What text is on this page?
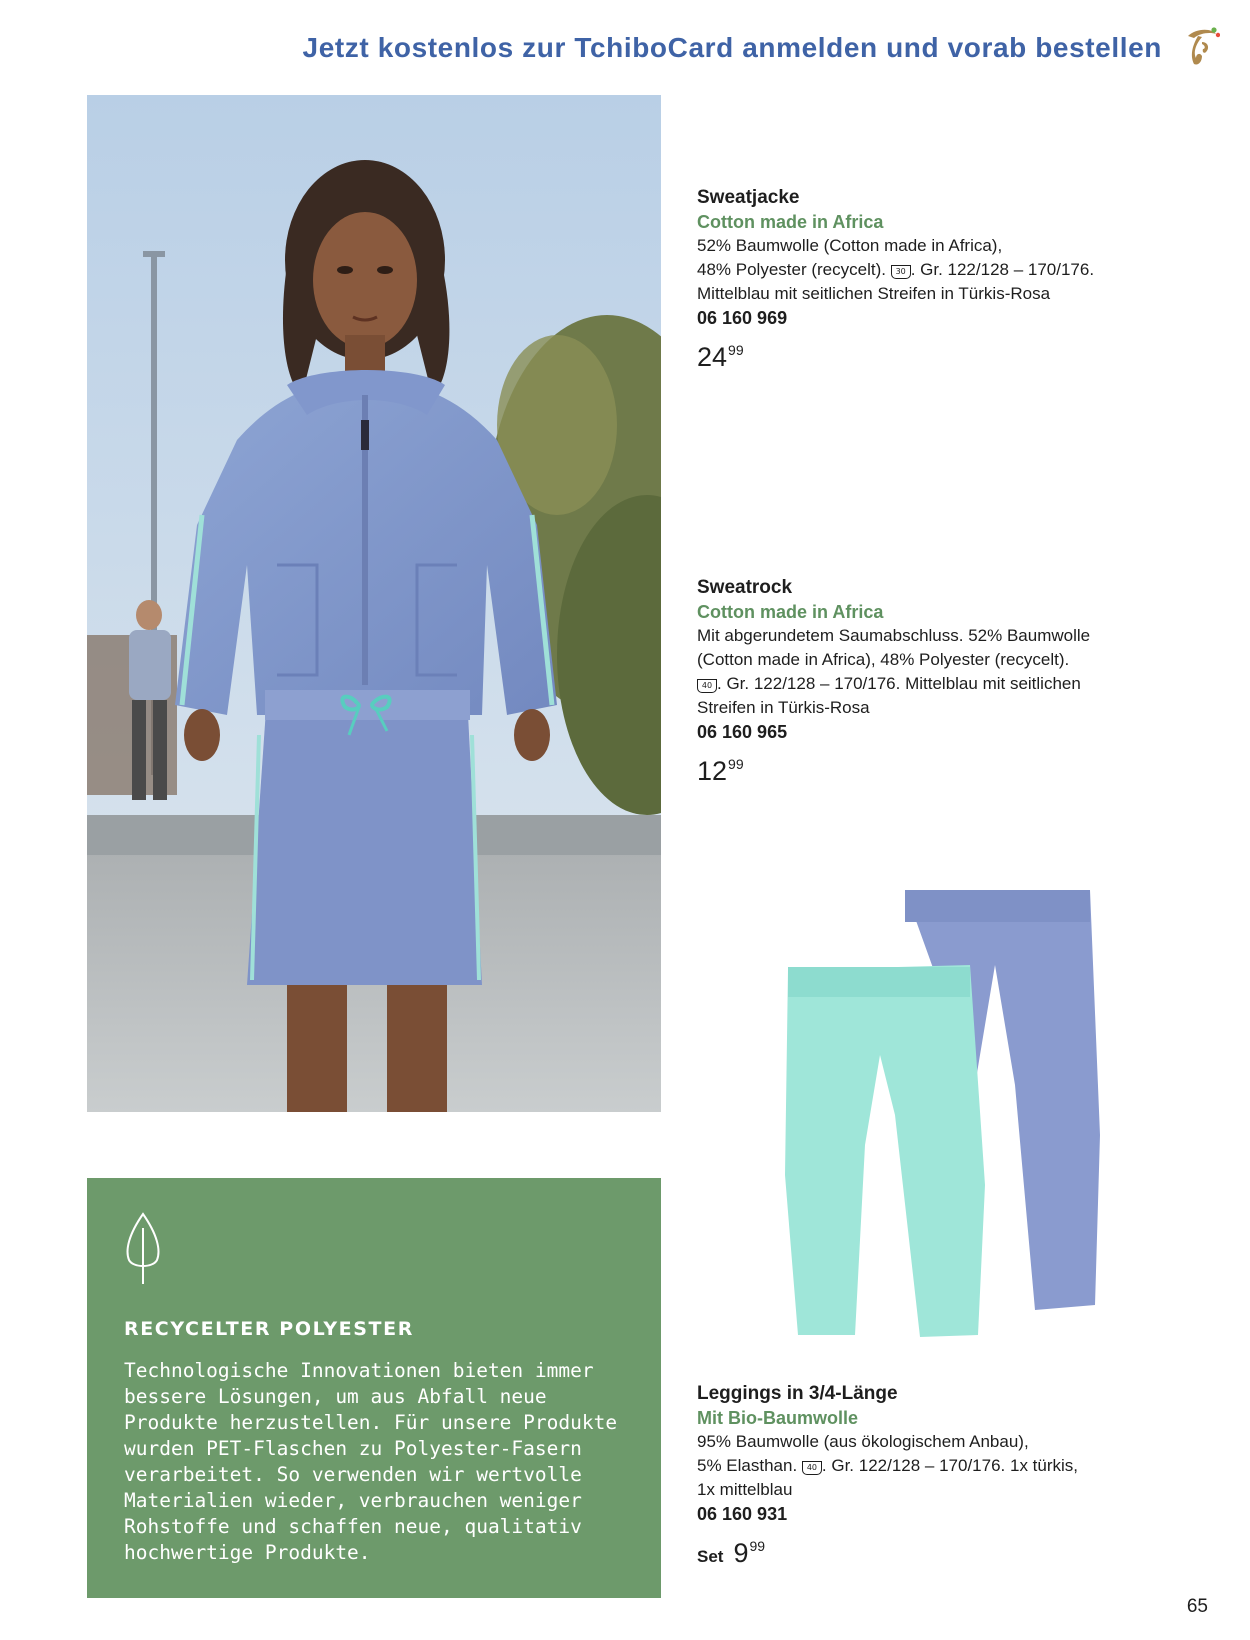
Jetzt kostenlos zur TchiboCard anmelden und vorab bestellen
Sweatjacke
Cotton made in Africa
52% Baumwolle (Cotton made in Africa),
48% Polyester (recycelt). 30 . Gr. 122/128 – 170/176.
Mittelblau mit seitlichen Streifen in Türkis-Rosa
06 160 969
$24^{99}$
Sweatrock
Cotton made in Africa
Mit abgerundetem Saumabschluss. 52% Baumwolle
(Cotton made in Africa), 48% Polyester (recycelt).
40 . Gr. 122/128 – 170/176. Mittelblau mit seitlichen
Streifen in Türkis-Rosa
06 160 965
$12^{99}$
Leggings in 3/4-Länge
Mit Bio-Baumwolle
95% Baumwolle (aus ökologischem Anbau),
5% Elasthan. 40 . Gr. 122/128 – 170/176. 1x türkis,
1x mittelblau
06 160 931
Set $9^{99}$
RECYCELTER POLYESTER
Technologische Innovationen bieten immer
bessere Lösungen, um aus Abfall neue
Produkte herzustellen. Für unsere Produkte
wurden PET-Flaschen zu Polyester-Fasern
verarbeitet. So verwenden wir wertvolle
Materialien wieder, verbrauchen weniger
Rohstoffe und schaffen neue, qualitativ
hochwertige Produkte.
65
